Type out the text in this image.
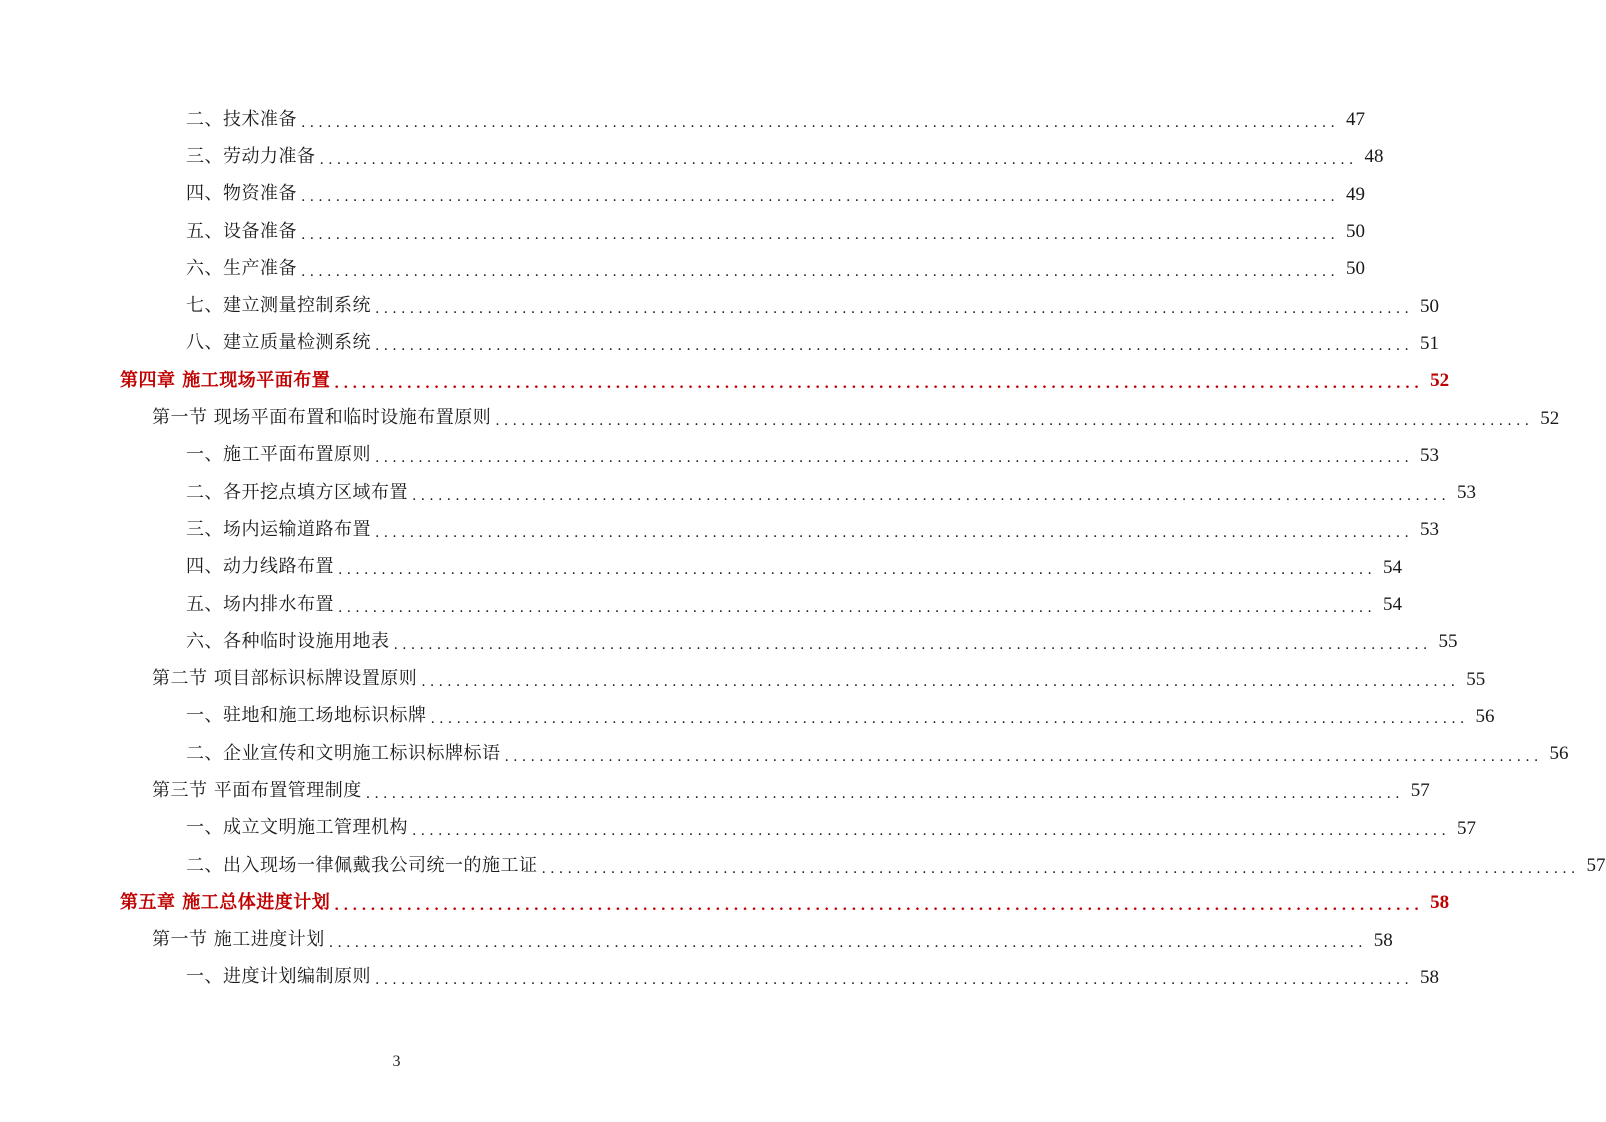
二、技术准备 ........................................................................................................................ 47
三、劳动力准备 ........................................................................................................................ 48
四、物资准备 ........................................................................................................................ 49
五、设备准备 ........................................................................................................................ 50
六、生产准备 ........................................................................................................................ 50
七、建立测量控制系统 ........................................................................................................................ 50
八、建立质量检测系统 ........................................................................................................................ 51
第四章 施工现场平面布置 ........................................................................................................................ 52
第一节 现场平面布置和临时设施布置原则 ........................................................................................................................ 52
一、施工平面布置原则 ........................................................................................................................ 53
二、各开挖点填方区域布置 ........................................................................................................................ 53
三、场内运输道路布置 ........................................................................................................................ 53
四、动力线路布置 ........................................................................................................................ 54
五、场内排水布置 ........................................................................................................................ 54
六、各种临时设施用地表 ........................................................................................................................ 55
第二节 项目部标识标牌设置原则 ........................................................................................................................ 55
一、驻地和施工场地标识标牌 ........................................................................................................................ 56
二、企业宣传和文明施工标识标牌标语 ........................................................................................................................ 56
第三节 平面布置管理制度 ........................................................................................................................ 57
一、成立文明施工管理机构 ........................................................................................................................ 57
二、出入现场一律佩戴我公司统一的施工证 ........................................................................................................................ 57
第五章 施工总体进度计划 ........................................................................................................................ 58
第一节 施工进度计划 ........................................................................................................................ 58
一、进度计划编制原则 ........................................................................................................................ 58
3
